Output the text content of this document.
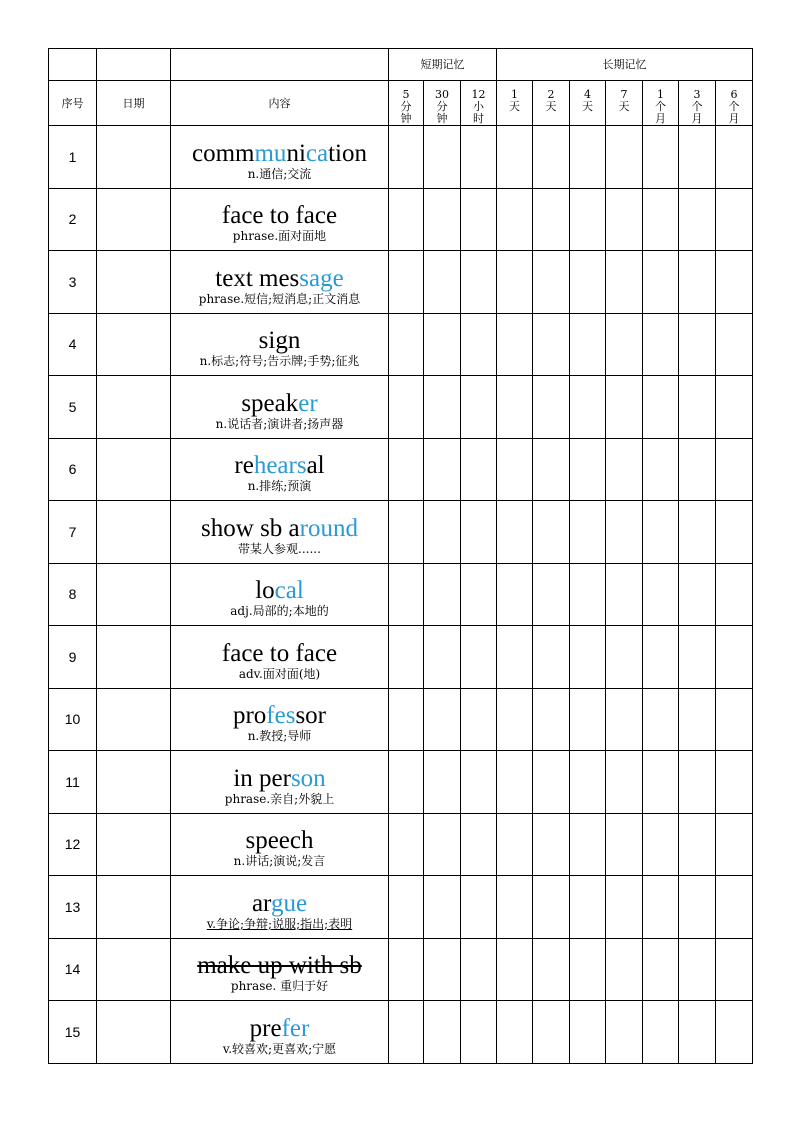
			短期记忆			长期记忆						
序号	日期	内容	5
分
钟	30
分
钟	12
小
时	1
天	2
天	4
天	7
天	1
个
月	3
个
月	6
个
月

1		commmunication
n.通信;交流										

2		face to face
phrase.面对面地										

3		text message
phrase.短信;短消息;正文消息										

4		sign
n.标志;符号;告示牌;手势;征兆										

5		speaker
n.说话者;演讲者;扬声器										

6		rehearsal
n.排练;预演										

7		show sb around
带某人参观......										

8		local
adj.局部的;本地的										

9		face to face
adv.面对面(地)										

10		professor
n.教授;导师										

11		in person
phrase.亲自;外貌上										

12		speech
n.讲话;演说;发言										

13		argue
v.争论;争辩;说服;指出;表明										

14		make up with sb
phrase. 重归于好										

15		prefer
v.较喜欢;更喜欢;宁愿										
